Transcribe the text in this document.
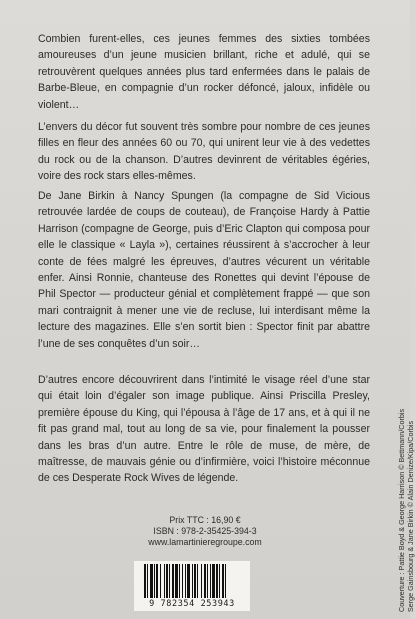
Combien furent-elles, ces jeunes femmes des sixties tombées amoureuses d’un jeune musicien brillant, riche et adulé, qui se retrouvèrent quelques années plus tard enfermées dans le palais de Barbe-Bleue, en compagnie d’un rocker défoncé, jaloux, infidèle ou violent…
L’envers du décor fut souvent très sombre pour nombre de ces jeunes filles en fleur des années 60 ou 70, qui unirent leur vie à des vedettes du rock ou de la chanson. D’autres devinrent de véritables égéries, voire des rock stars elles-mêmes.
De Jane Birkin à Nancy Spungen (la compagne de Sid Vicious retrouvée lardée de coups de couteau), de Françoise Hardy à Pattie Harrison (compagne de George, puis d’Eric Clapton qui composa pour elle le classique « Layla »), certaines réussirent à s’accrocher à leur conte de fées malgré les épreuves, d’autres vécurent un véritable enfer. Ainsi Ronnie, chanteuse des Ronettes qui devint l’épouse de Phil Spector — producteur génial et complètement frappé — que son mari contraignit à mener une vie de recluse, lui interdisant même la lecture des magazines. Elle s’en sortit bien : Spector finit par abattre l’une de ses conquêtes d’un soir…
D’autres encore découvrirent dans l’intimité le visage réel d’une star qui était loin d’égaler son image publique. Ainsi Priscilla Presley, première épouse du King, qui l’épousa à l’âge de 17 ans, et à qui il ne fit pas grand mal, tout au long de sa vie, pour finalement la pousser dans les bras d’un autre. Entre le rôle de muse, de mère, de maîtresse, de mauvais génie ou d’infirmière, voici l’histoire méconnue de ces Desperate Rock Wives de légende.
Prix TTC : 16,90 €
ISBN : 978-2-35425-394-3
www.lamartinieregroupe.com
9 782354 253943	Couverture : Pattie Boyd & George Harrison © Bettmann/Corbis Serge Gainsbourg & Jane Birkin © Alain Denize/Kipa/Corbis
